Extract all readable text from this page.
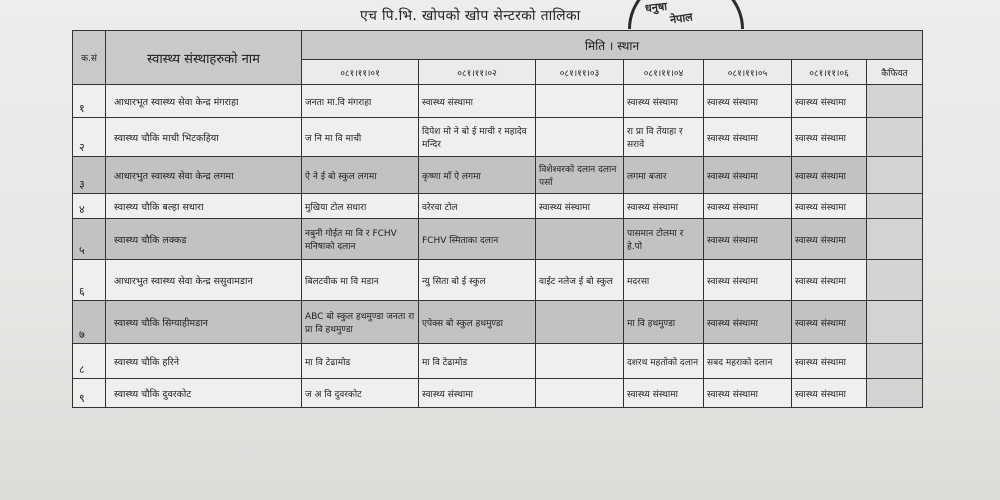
एच पि.भि. खोपको खोप सेन्टरको तालिका
धनुषा
नेपाल
क.सं	स्वास्थ्य संस्थाहरुको नाम	मिति । स्थान						
		०८१।११।०१	०८१।११।०२	०८१।११।०३	०८१।११।०४	०८१।११।०५	०८१।११।०६	कैफियत
१	आधारभूत स्वास्थ्य सेवा केन्द्र मंगराहा	जनता मा.वि मंगराहा	स्वास्थ्य संस्थामा		स्वास्थ्य संस्थामा	स्वास्थ्य संस्थामा	स्वास्थ्य संस्थामा	
२	स्वास्थ्य चौकि माची भिटकहिया	ज नि मा वि माची	दिपेश मो ने बो ई माची र महादेव मन्दिर		रा प्रा वि तेंयाहा र सरावे	स्वास्थ्य संस्थामा	स्वास्थ्य संस्थामा	
३	आधारभुत स्वास्थ्य सेवा केन्द्र लगमा	ऐ ने ई बो स्कुल लगमा	कृष्णा माँ ऐ लगमा	विशेश्वरको दलान दलान पर्सा	लगमा बजार	स्वास्थ्य संस्थामा	स्वास्थ्य संस्थामा	
४	स्वास्थ्य चौकि बल्हा सधारा	मुखिया टोल सधारा	वरेरवा टोल	स्वास्थ्य संस्थामा	स्वास्थ्य संस्थामा	स्वास्थ्य संस्थामा	स्वास्थ्य संस्थामा	
५	स्वास्थ्य चौकि लक्कड	नबुनी गोईत मा वि र FCHV मनिषाको दलान	FCHV स्मिताका दलान		पासमान टोलमा र हे.पो	स्वास्थ्य संस्थामा	स्वास्थ्य संस्थामा	
६	आधारभुत स्वास्थ्य सेवा केन्द्र ससुवामडान	बिलटवीक मा वि मडान	न्यु सिता बो ई स्कुल	वाईट नलेज ई बो स्कुल	मदरसा	स्वास्थ्य संस्थामा	स्वास्थ्य संस्थामा	
७	स्वास्थ्य चौकि सिग्याहीमडान	ABC बो स्कुल हथमुण्डा जनता रा प्रा वि हथमुण्डा	एपेक्स बो स्कुल हथमुण्डा		मा वि हथमुण्डा	स्वास्थ्य संस्थामा	स्वास्थ्य संस्थामा	
८	स्वास्थ्य चौकि हरिने	मा वि टेढामोड	मा वि टेढामोड		दशरथ महतोको दलान	सबद महराको दलान	स्वास्थ्य संस्थामा	
९	स्वास्थ्य चौकि दुवरकोट	ज अ वि दुवरकोट	स्वास्थ्य संस्थामा		स्वास्थ्य संस्थामा	स्वास्थ्य संस्थामा	स्वास्थ्य संस्थामा	
